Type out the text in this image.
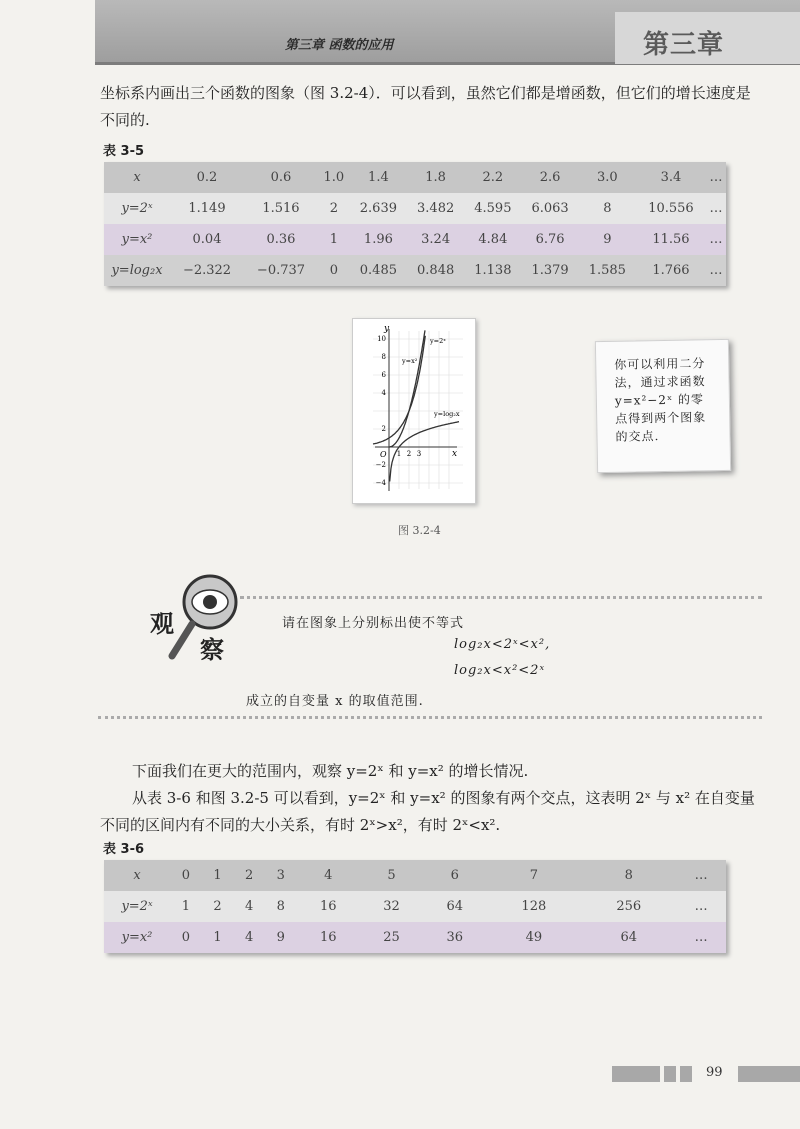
第三章 函数的应用	第三章
坐标系内画出三个函数的图象（图 3.2-4）．可以看到，虽然它们都是增函数，但它们的增长速度是不同的.
表 3-5
x	0.2	0.6	1.0	1.4	1.8	2.2	2.6	3.0	3.4	…
y=2ˣ	1.149	1.516	2	2.639	3.482	4.595	6.063	8	10.556	…
y=x²	0.04	0.36	1	1.96	3.24	4.84	6.76	9	11.56	…
y=log₂x	−2.322	−0.737	0	0.485	0.848	1.138	1.379	1.585	1.766	…
y
x
O
10
8
6
4
2
−2
−4
1 2 3
y=2ˣ
y=x²
y=log₂x
图 3.2-4
你可以利用二分法，通过求函数 y=x²−2ˣ 的零点得到两个图象的交点.
观
察
请在图象上分别标出使不等式
log₂x<2ˣ<x²,
log₂x<x²<2ˣ
成立的自变量 x 的取值范围.
下面我们在更大的范围内，观察 y=2ˣ 和 y=x² 的增长情况.
从表 3-6 和图 3.2-5 可以看到，y=2ˣ 和 y=x² 的图象有两个交点，这表明 2ˣ 与 x² 在自变量不同的区间内有不同的大小关系，有时 2ˣ>x²，有时 2ˣ<x².
表 3-6
x	0	1	2	3	4	5	6	7	8	…
y=2ˣ	1	2	4	8	16	32	64	128	256	…
y=x²	0	1	4	9	16	25	36	49	64	…
99
